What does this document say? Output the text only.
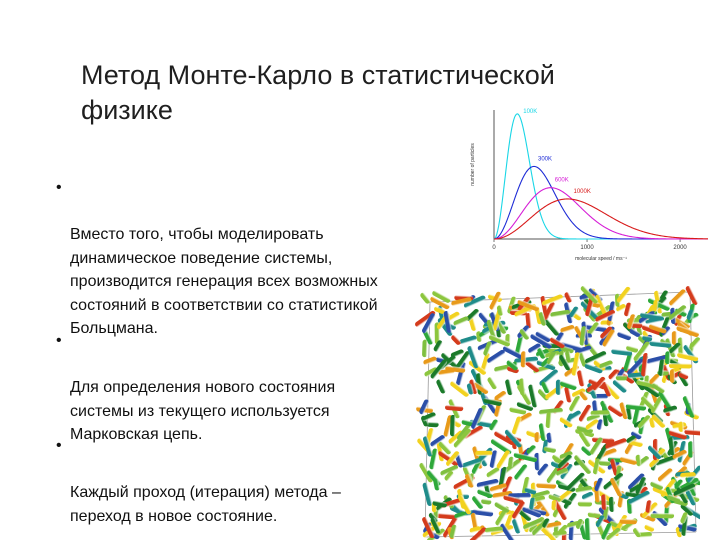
Метод Монте-Карло в статистической физике

•

Вместо того, чтобы моделировать
динамическое поведение системы,
производится генерация всех возможных
состояний в соответствии со статистикой
Больцмана.

•

Для определения нового состояния
системы из текущего используется
Марковская цепь.

•

Каждый проход (итерация) метода –
переход в новое состояние.

number of particles
0	1000	2000
molecular speed / ms⁻¹
100K
300K
600K
1000K
